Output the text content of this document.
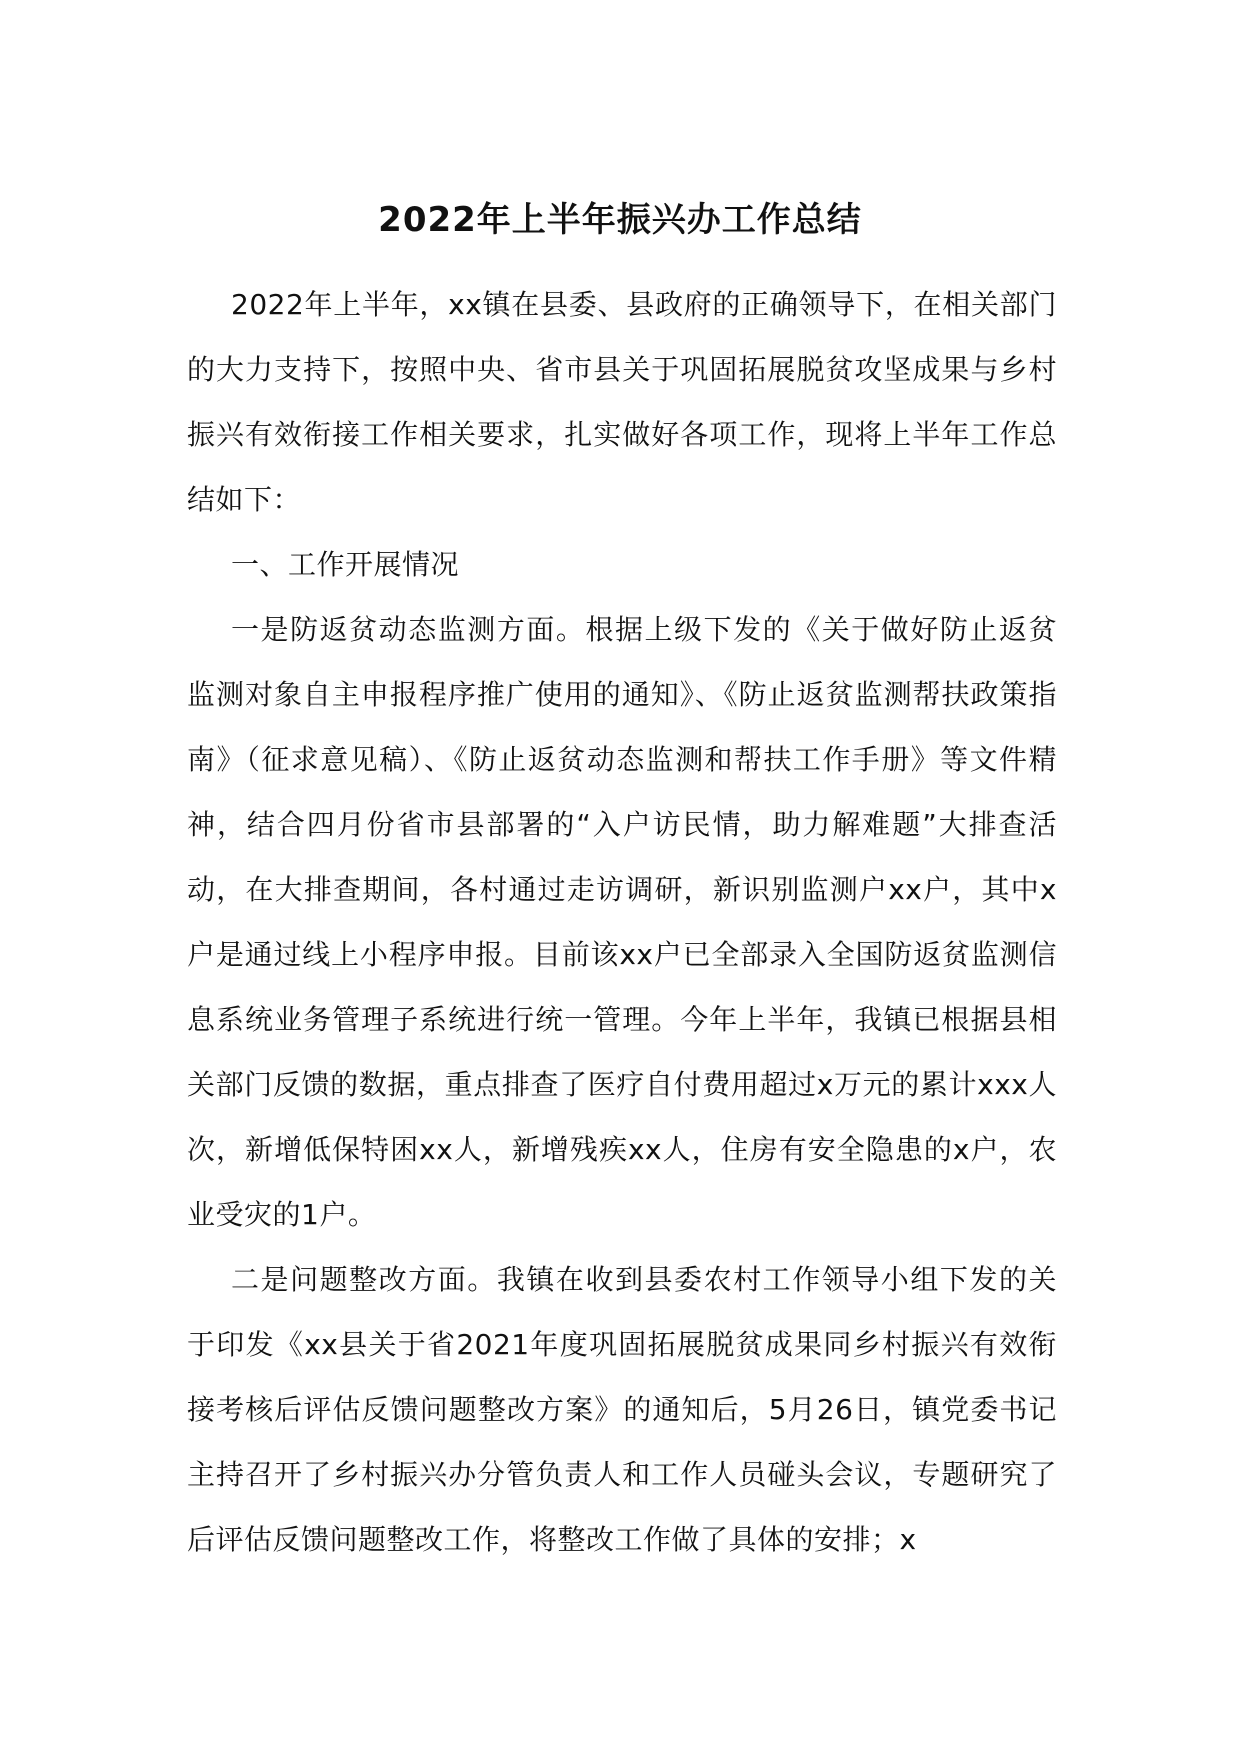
2022年上半年振兴办工作总结

2022年上半年，xx镇在县委、县政府的正确领导下，在相关部门的大力支持下，按照中央、省市县关于巩固拓展脱贫攻坚成果与乡村振兴有效衔接工作相关要求，扎实做好各项工作，现将上半年工作总结如下：

一、工作开展情况

一是防返贫动态监测方面。根据上级下发的《关于做好防止返贫监测对象自主申报程序推广使用的通知》、《防止返贫监测帮扶政策指南》（征求意见稿）、《防止返贫动态监测和帮扶工作手册》等文件精神，结合四月份省市县部署的“入户访民情，助力解难题”大排查活动，在大排查期间，各村通过走访调研，新识别监测户xx户，其中x户是通过线上小程序申报。目前该xx户已全部录入全国防返贫监测信息系统业务管理子系统进行统一管理。今年上半年，我镇已根据县相关部门反馈的数据，重点排查了医疗自付费用超过x万元的累计xxx人次，新增低保特困xx人，新增残疾xx人，住房有安全隐患的x户，农业受灾的1户。

二是问题整改方面。我镇在收到县委农村工作领导小组下发的关于印发《xx县关于省2021年度巩固拓展脱贫成果同乡村振兴有效衔接考核后评估反馈问题整改方案》的通知后，5月26日，镇党委书记主持召开了乡村振兴办分管负责人和工作人员碰头会议，专题研究了后评估反馈问题整改工作，将整改工作做了具体的安排；x
